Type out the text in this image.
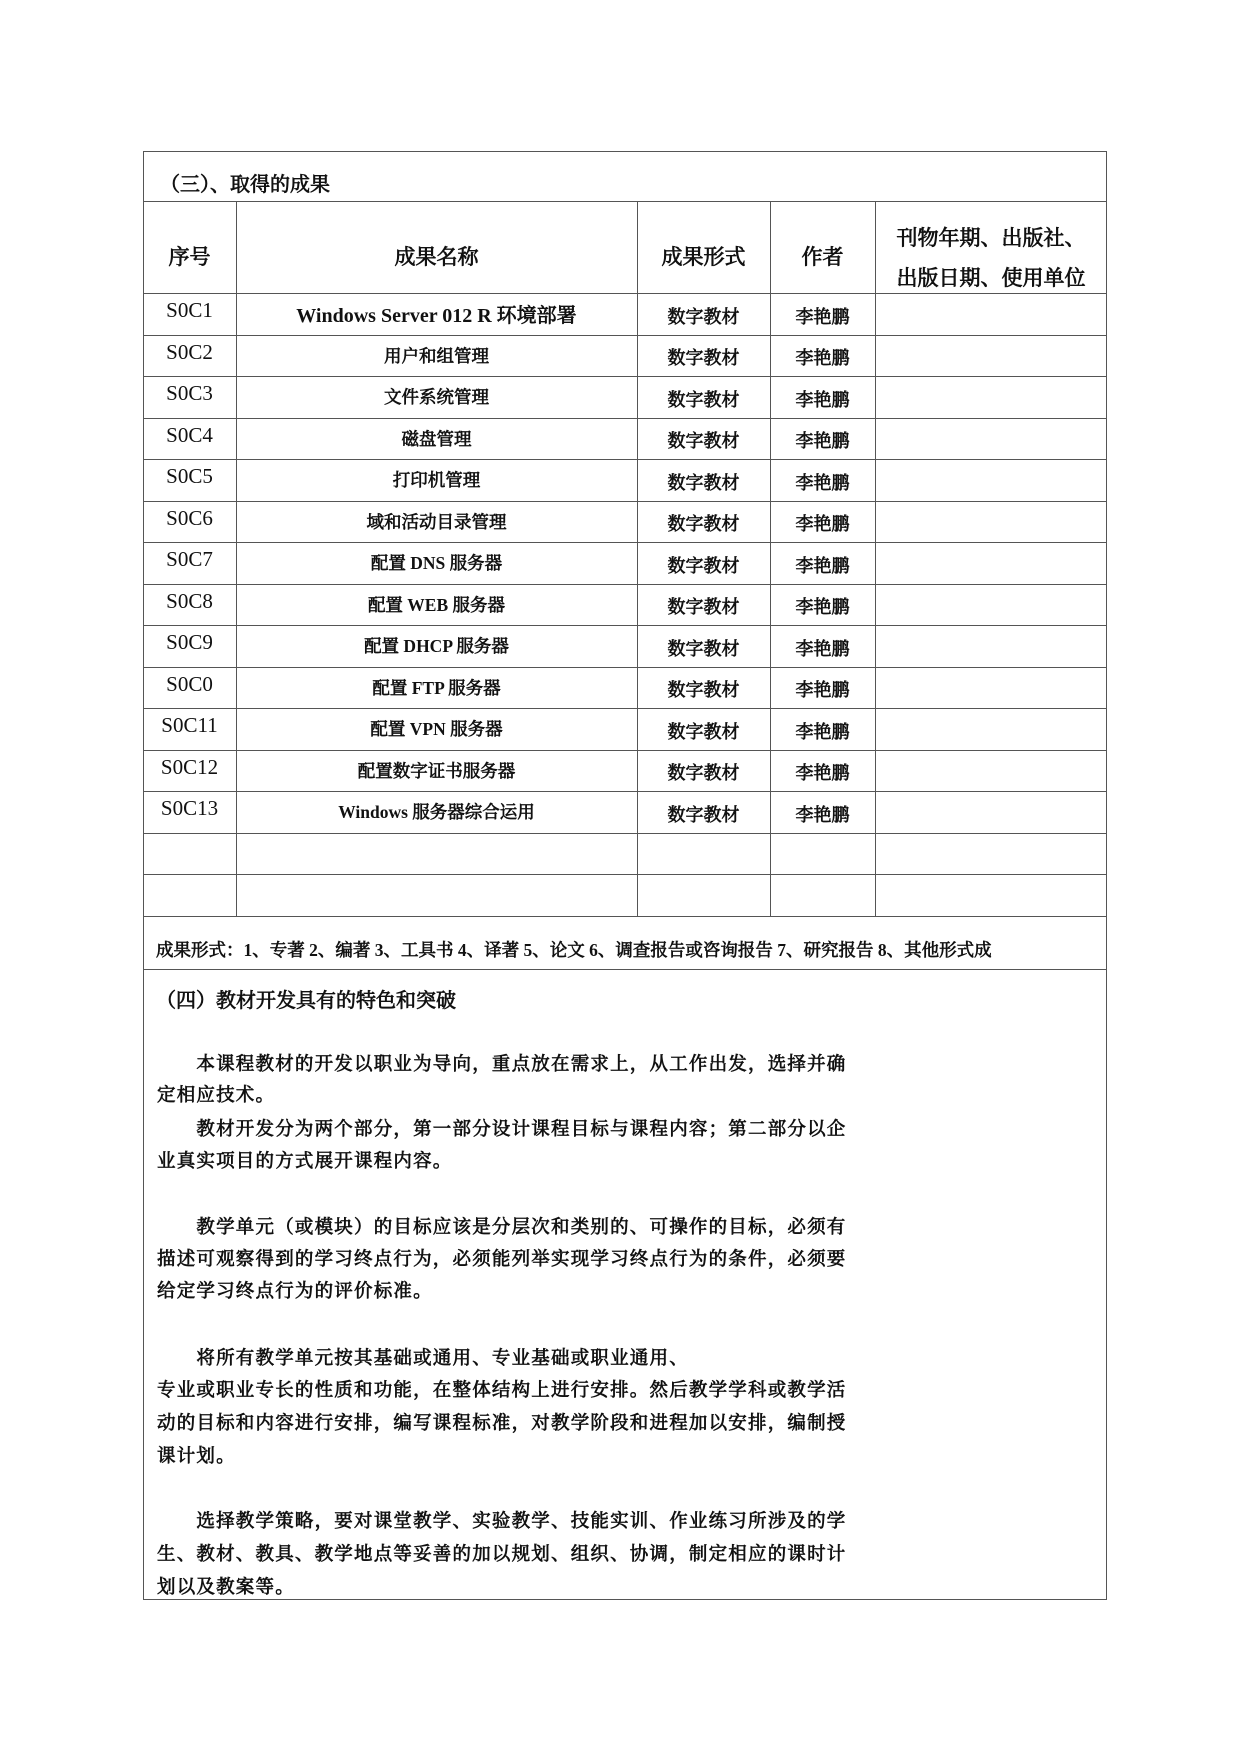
（三）、取得的成果
序号	成果名称	成果形式	作者
刊物年期、出版社、
出版日期、使用单位
成果形式：1、专著 2、编著 3、工具书 4、译著 5、论文 6、调查报告或咨询报告 7、研究报告 8、其他形式成
（四）教材开发具有的特色和突破
S0C1	Windows Server 012 R 环境部署	数字教材	李艳鹏
S0C2	用户和组管理	数字教材	李艳鹏
S0C3	文件系统管理	数字教材	李艳鹏
S0C4	磁盘管理	数字教材	李艳鹏
S0C5	打印机管理	数字教材	李艳鹏
S0C6	域和活动目录管理	数字教材	李艳鹏
S0C7	配置 DNS 服务器	数字教材	李艳鹏
S0C8	配置 WEB 服务器	数字教材	李艳鹏
S0C9	配置 DHCP 服务器	数字教材	李艳鹏
S0C0	配置 FTP 服务器	数字教材	李艳鹏
S0C11	配置 VPN 服务器	数字教材	李艳鹏
S0C12	配置数字证书服务器	数字教材	李艳鹏
S0C13	Windows 服务器综合运用	数字教材	李艳鹏
　　本课程教材的开发以职业为导向，重点放在需求上，从工作出发，选择并确
定相应技术。
　　教材开发分为两个部分，第一部分设计课程目标与课程内容；第二部分以企
业真实项目的方式展开课程内容。
　　教学单元（或模块）的目标应该是分层次和类别的、可操作的目标，必须有
描述可观察得到的学习终点行为，必须能列举实现学习终点行为的条件，必须要
给定学习终点行为的评价标准。
　　将所有教学单元按其基础或通用、专业基础或职业通用、
专业或职业专长的性质和功能，在整体结构上进行安排。然后教学学科或教学活
动的目标和内容进行安排，编写课程标准，对教学阶段和进程加以安排，编制授
课计划。
　　选择教学策略，要对课堂教学、实验教学、技能实训、作业练习所涉及的学
生、教材、教具、教学地点等妥善的加以规划、组织、协调，制定相应的课时计
划以及教案等。
